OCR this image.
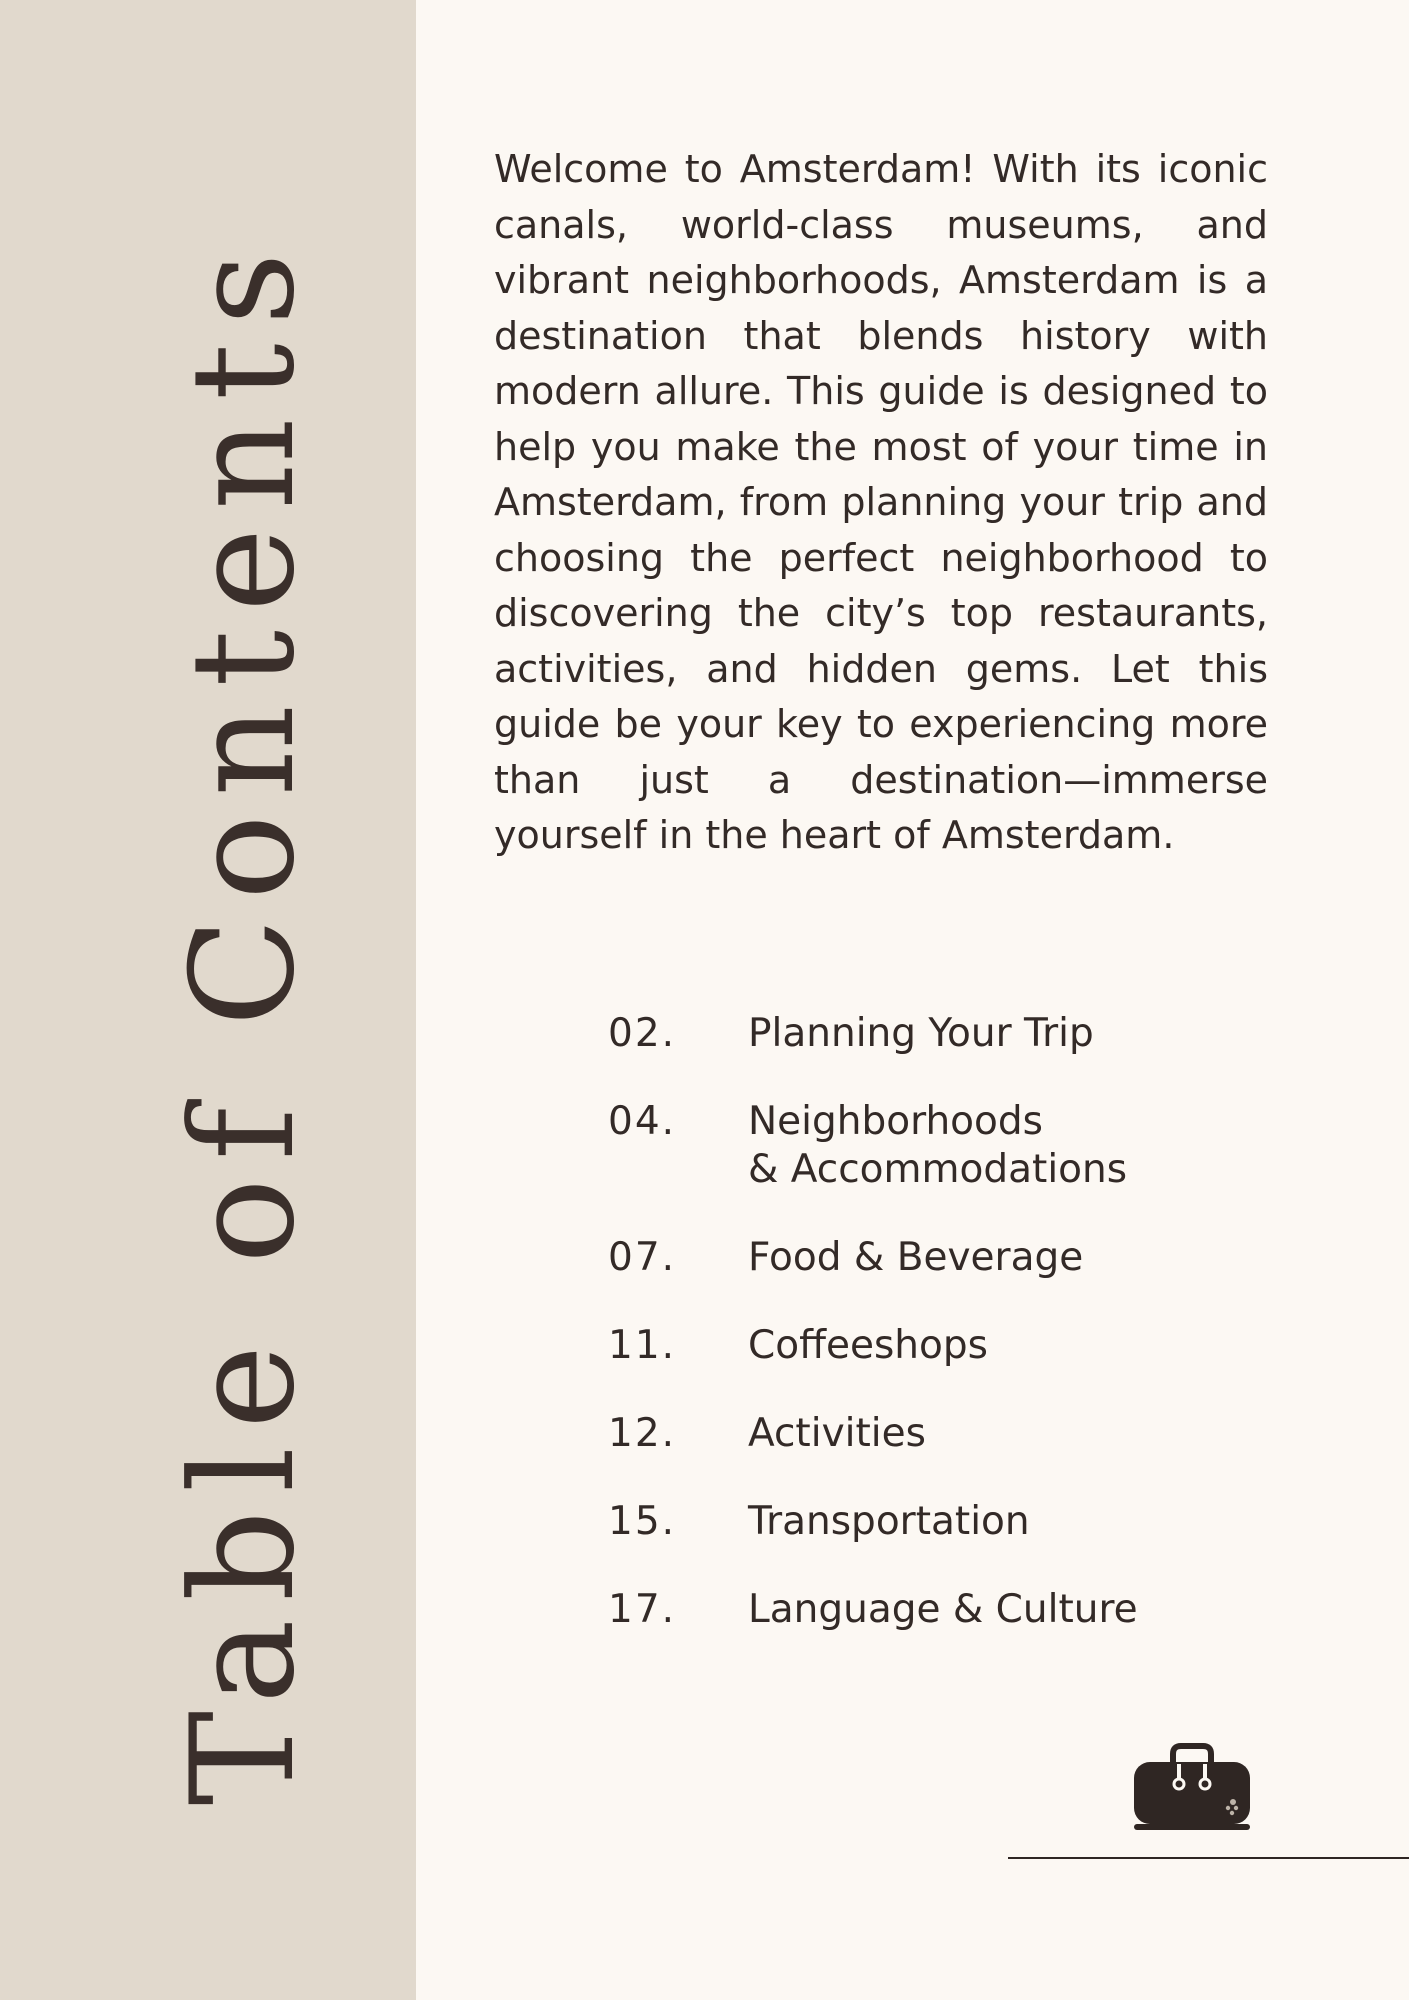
Table of Contents

Welcome to Amsterdam! With its iconic canals, world-class museums, and vibrant neighborhoods, Amsterdam is a destination that blends history with modern allure. This guide is designed to help you make the most of your time in Amsterdam, from planning your trip and choosing the perfect neighborhood to discovering the city’s top restaurants, activities, and hidden gems. Let this guide be your key to experiencing more than just a destination—immerse yourself in the heart of Amsterdam.

02.	Planning Your Trip
04.	Neighborhoods
& Accommodations
07.	Food & Beverage
11.	Coffeeshops
12.	Activities
15.	Transportation
17.	Language & Culture
